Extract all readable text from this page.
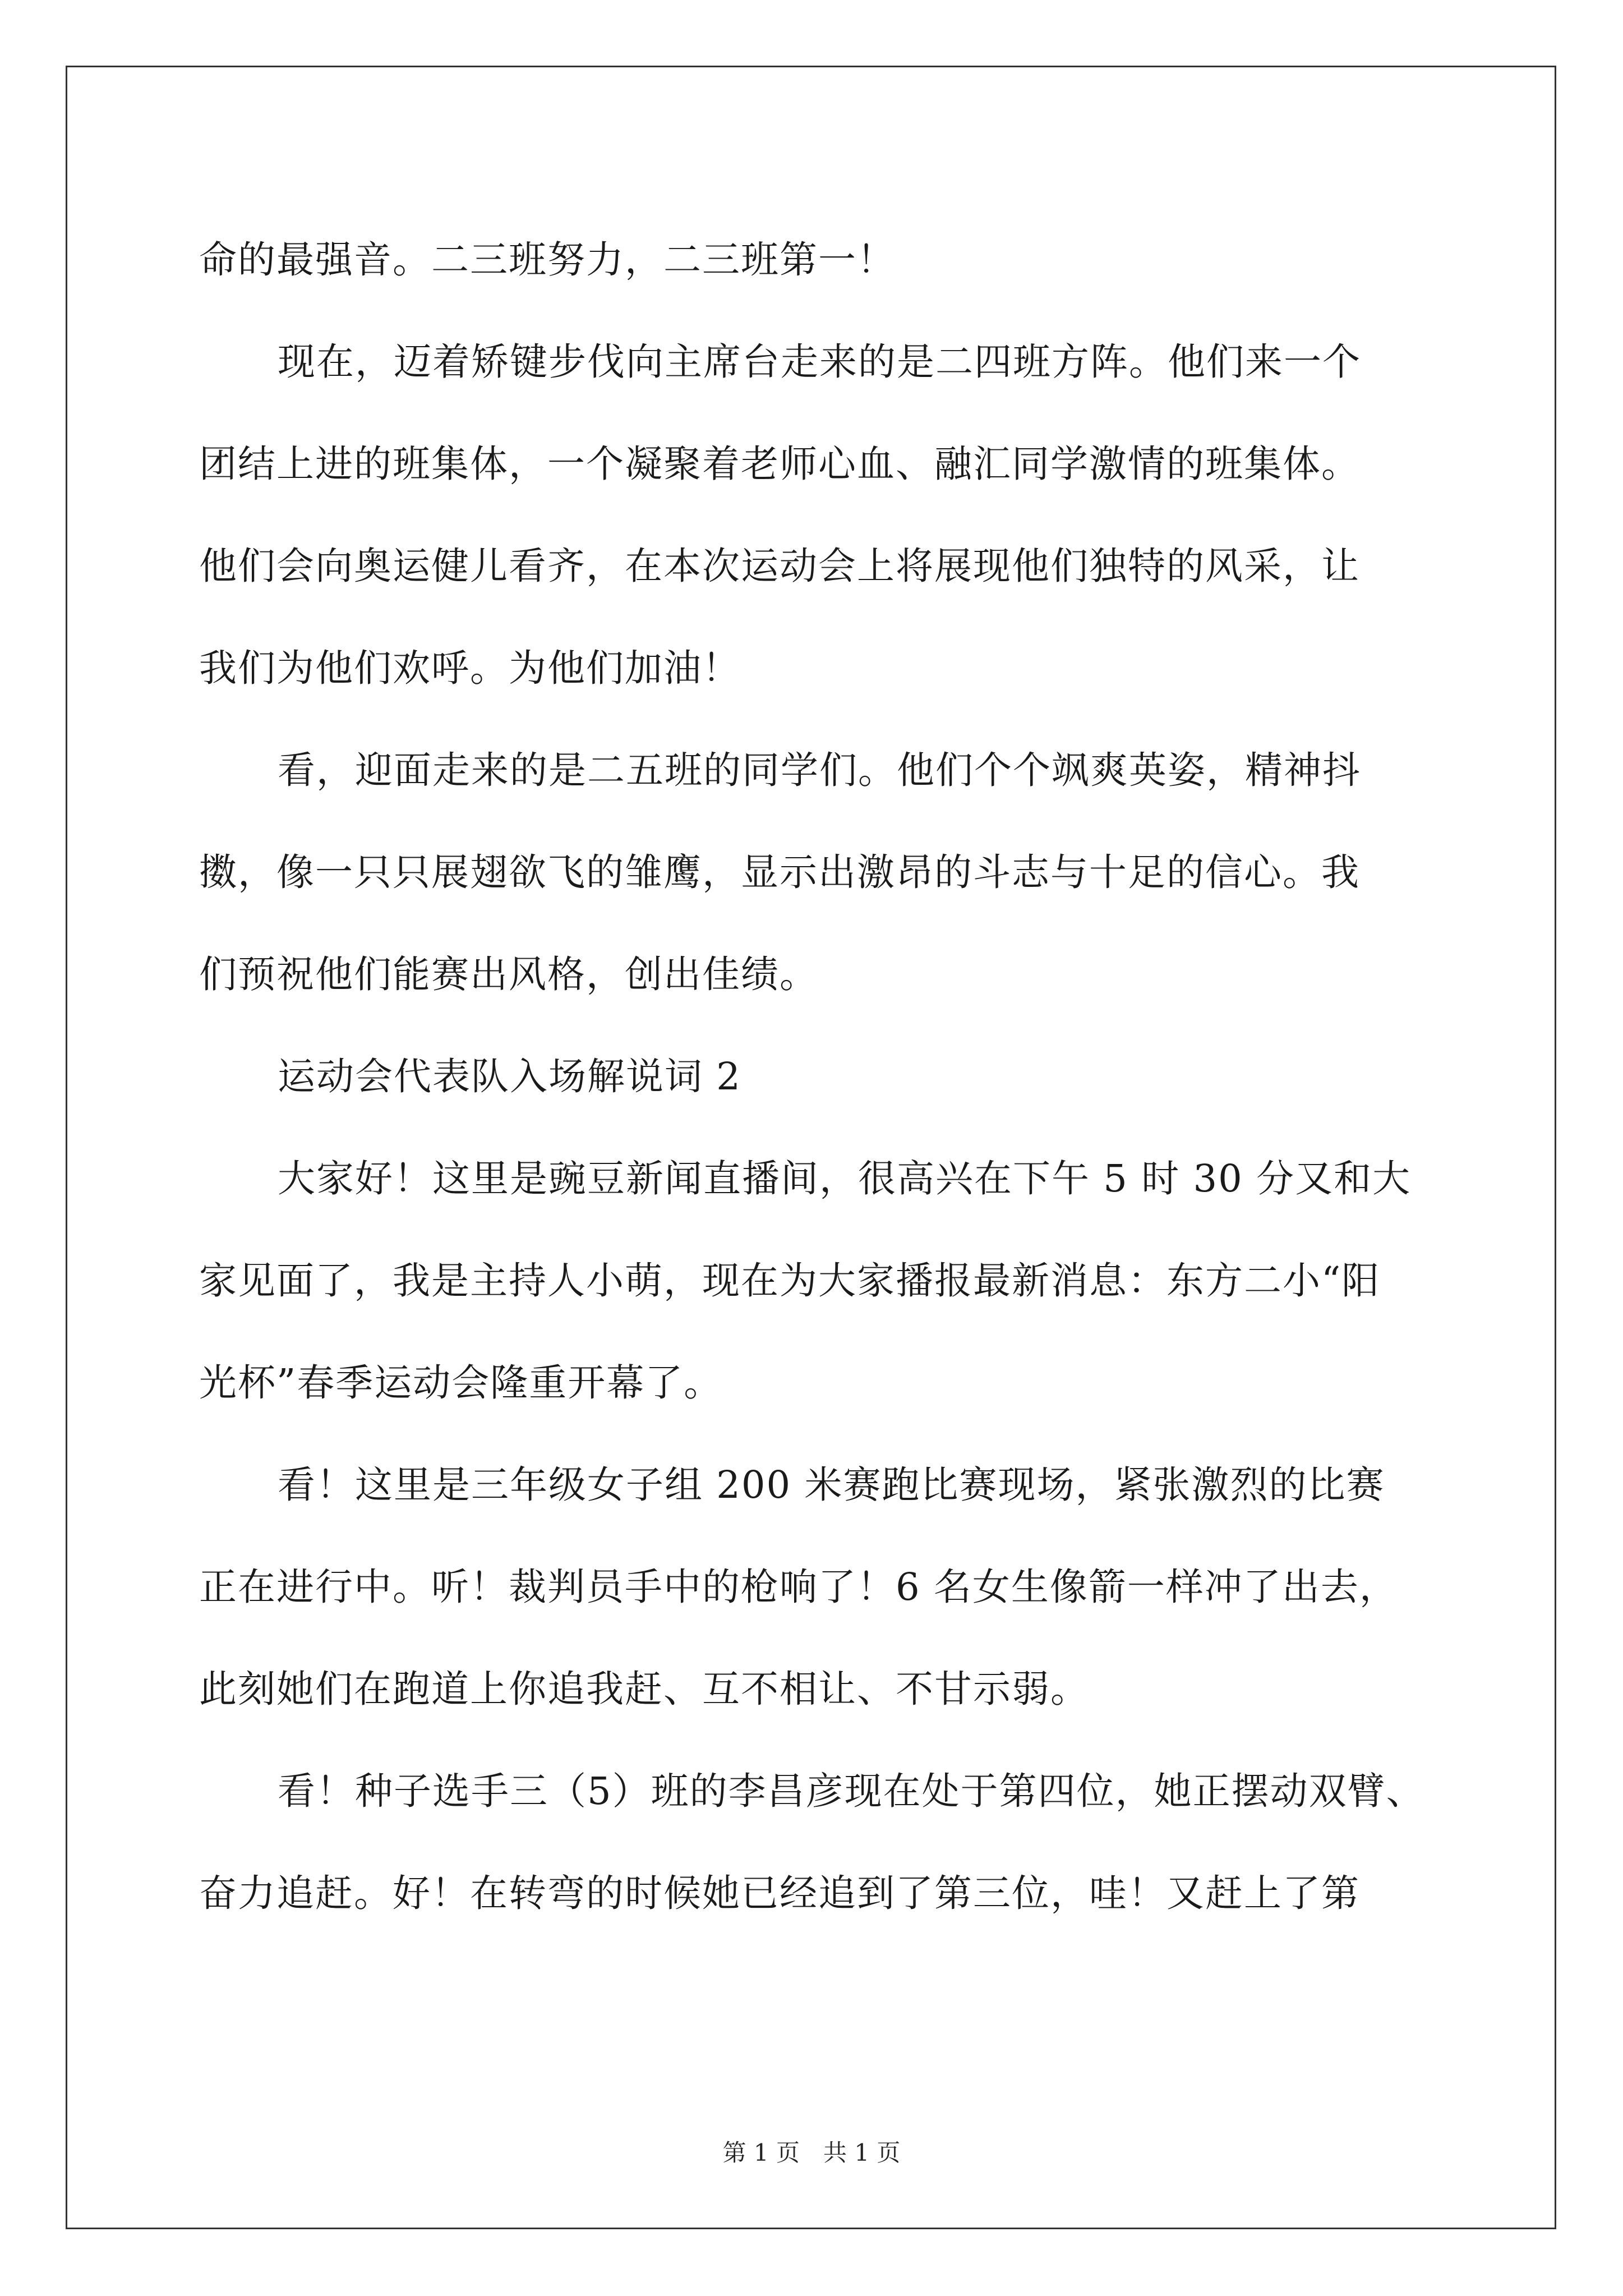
命的最强音。二三班努力，二三班第一！
现在，迈着矫键步伐向主席台走来的是二四班方阵。他们来一个
团结上进的班集体，一个凝聚着老师心血、融汇同学激情的班集体。
他们会向奥运健儿看齐，在本次运动会上将展现他们独特的风采，让
我们为他们欢呼。为他们加油！
看，迎面走来的是二五班的同学们。他们个个飒爽英姿，精神抖
擞，像一只只展翅欲飞的雏鹰，显示出激昂的斗志与十足的信心。我
们预祝他们能赛出风格，创出佳绩。
运动会代表队入场解说词 2
大家好！这里是豌豆新闻直播间，很高兴在下午 5 时 30 分又和大
家见面了，我是主持人小萌，现在为大家播报最新消息：东方二小“阳
光杯”春季运动会隆重开幕了。
看！这里是三年级女子组 200 米赛跑比赛现场，紧张激烈的比赛
正在进行中。听！裁判员手中的枪响了！6 名女生像箭一样冲了出去，
此刻她们在跑道上你追我赶、互不相让、不甘示弱。
看！种子选手三（5）班的李昌彦现在处于第四位，她正摆动双臂、
奋力追赶。好！在转弯的时候她已经追到了第三位，哇！又赶上了第
第 1 页　共 1 页
